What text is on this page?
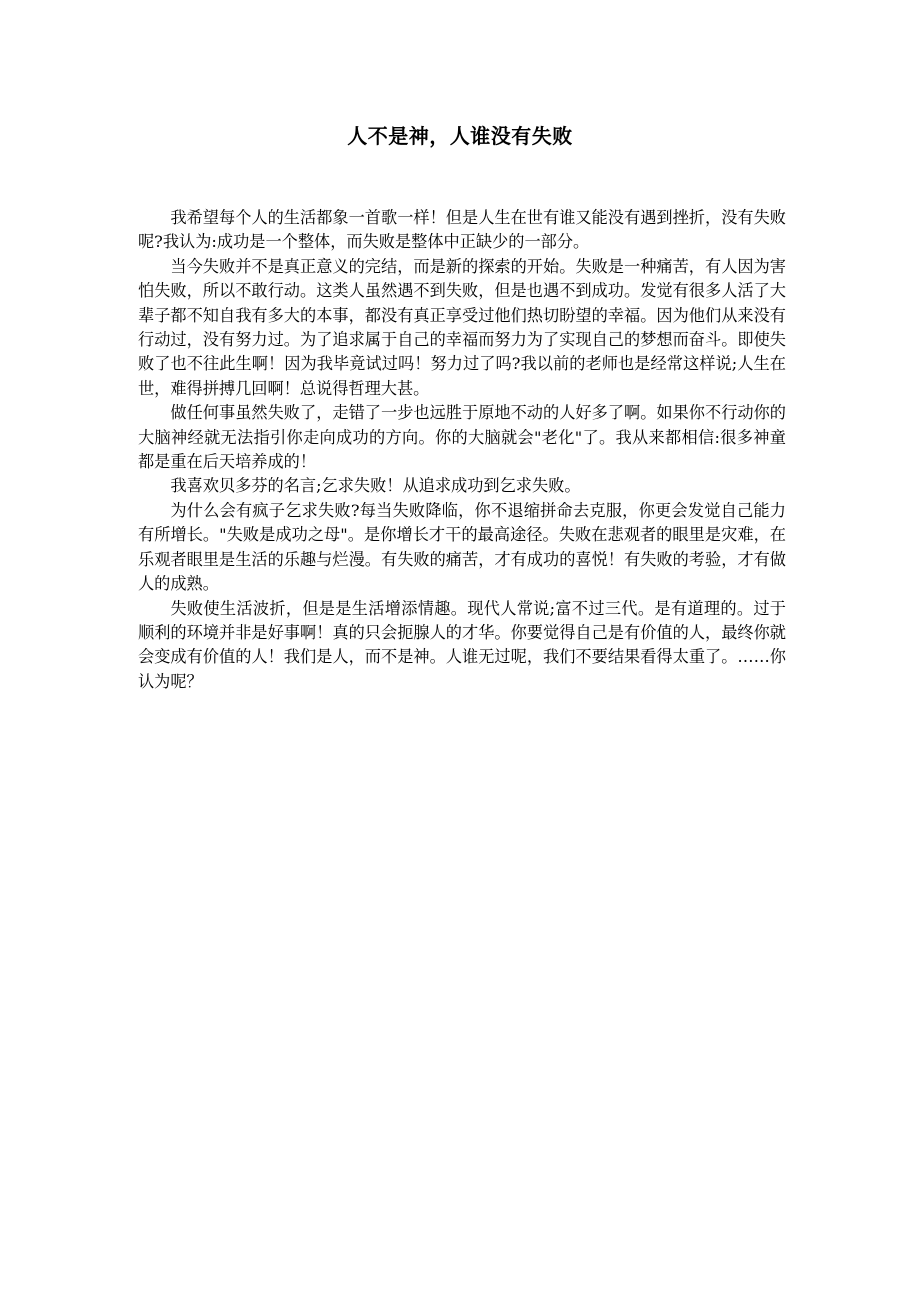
人不是神，人谁没有失败

我希望每个人的生活都象一首歌一样！但是人生在世有谁又能没有遇到挫折，没有失败呢?我认为:成功是一个整体，而失败是整体中正缺少的一部分。

当今失败并不是真正意义的完结，而是新的探索的开始。失败是一种痛苦，有人因为害怕失败，所以不敢行动。这类人虽然遇不到失败，但是也遇不到成功。发觉有很多人活了大辈子都不知自我有多大的本事，都没有真正享受过他们热切盼望的幸福。因为他们从来没有行动过，没有努力过。为了追求属于自己的幸福而努力为了实现自己的梦想而奋斗。即使失败了也不往此生啊！因为我毕竟试过吗！努力过了吗?我以前的老师也是经常这样说;人生在世，难得拼搏几回啊！总说得哲理大甚。

做任何事虽然失败了，走错了一步也远胜于原地不动的人好多了啊。如果你不行动你的大脑神经就无法指引你走向成功的方向。你的大脑就会"老化"了。我从来都相信:很多神童都是重在后天培养成的！

我喜欢贝多芬的名言;乞求失败！从追求成功到乞求失败。

为什么会有疯子乞求失败?每当失败降临，你不退缩拼命去克服，你更会发觉自己能力有所增长。"失败是成功之母"。是你增长才干的最高途径。失败在悲观者的眼里是灾难，在乐观者眼里是生活的乐趣与烂漫。有失败的痛苦，才有成功的喜悦！有失败的考验，才有做人的成熟。

失败使生活波折，但是是生活增添情趣。现代人常说;富不过三代。是有道理的。过于顺利的环境并非是好事啊！真的只会扼腺人的才华。你要觉得自己是有价值的人，最终你就会变成有价值的人！我们是人，而不是神。人谁无过呢，我们不要结果看得太重了。……你认为呢？
